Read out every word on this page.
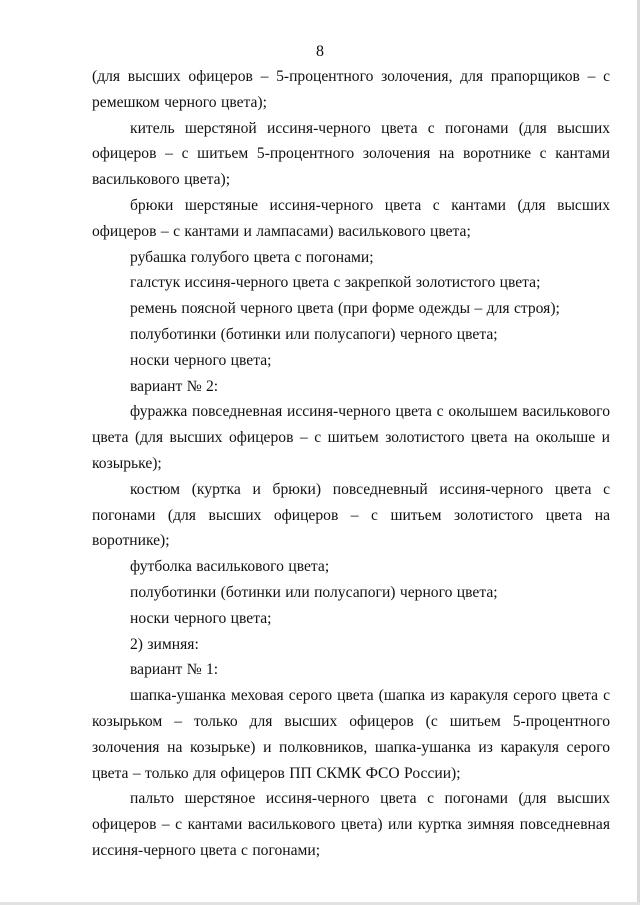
8

(для высших офицеров – 5-процентного золочения, для прапорщиков – с ремешком черного цвета);

китель шерстяной иссиня-черного цвета с погонами (для высших офицеров – с шитьем 5-процентного золочения на воротнике с кантами василькового цвета);

брюки шерстяные иссиня-черного цвета с кантами (для высших офицеров – с кантами и лампасами) василькового цвета;

рубашка голубого цвета с погонами;

галстук иссиня-черного цвета с закрепкой золотистого цвета;

ремень поясной черного цвета (при форме одежды – для строя);

полуботинки (ботинки или полусапоги) черного цвета;

носки черного цвета;

вариант № 2:

фуражка повседневная иссиня-черного цвета с околышем василькового цвета (для высших офицеров – с шитьем золотистого цвета на околыше и козырьке);

костюм (куртка и брюки) повседневный иссиня-черного цвета с погонами (для высших офицеров – с шитьем золотистого цвета на воротнике);

футболка василькового цвета;

полуботинки (ботинки или полусапоги) черного цвета;

носки черного цвета;

2) зимняя:

вариант № 1:

шапка-ушанка меховая серого цвета (шапка из каракуля серого цвета с козырьком – только для высших офицеров (с шитьем 5-процентного золочения на козырьке) и полковников, шапка-ушанка из каракуля серого цвета – только для офицеров ПП СКМК ФСО России);

пальто шерстяное иссиня-черного цвета с погонами (для высших офицеров – с кантами василькового цвета) или куртка зимняя повседневная иссиня-черного цвета с погонами;
